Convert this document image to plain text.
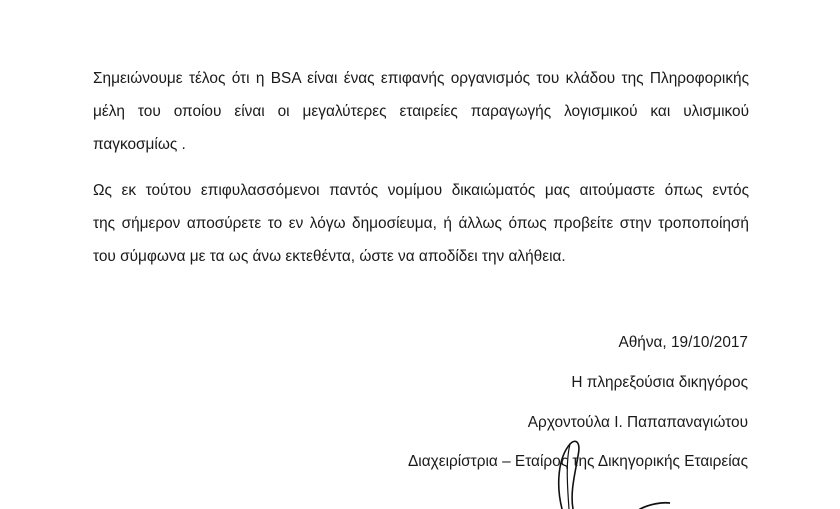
Σημειώνουμε τέλος ότι η BSA είναι ένας επιφανής οργανισμός του κλάδου της Πληροφορικής
μέλη του οποίου είναι οι μεγαλύτερες εταιρείες παραγωγής λογισμικού και υλισμικού
παγκοσμίως .
Ως εκ τούτου επιφυλασσόμενοι παντός νομίμου δικαιώματός μας αιτούμαστε όπως εντός
της σήμερον αποσύρετε το εν λόγω δημοσίευμα, ή άλλως όπως προβείτε στην τροποποίησή
του σύμφωνα με τα ως άνω εκτεθέντα, ώστε να αποδίδει την αλήθεια.
Αθήνα, 19/10/2017
Η πληρεξούσια δικηγόρος
Αρχοντούλα Ι. Παπαπαναγιώτου
Διαχειρίστρια – Εταίρος της Δικηγορικής Εταιρείας
